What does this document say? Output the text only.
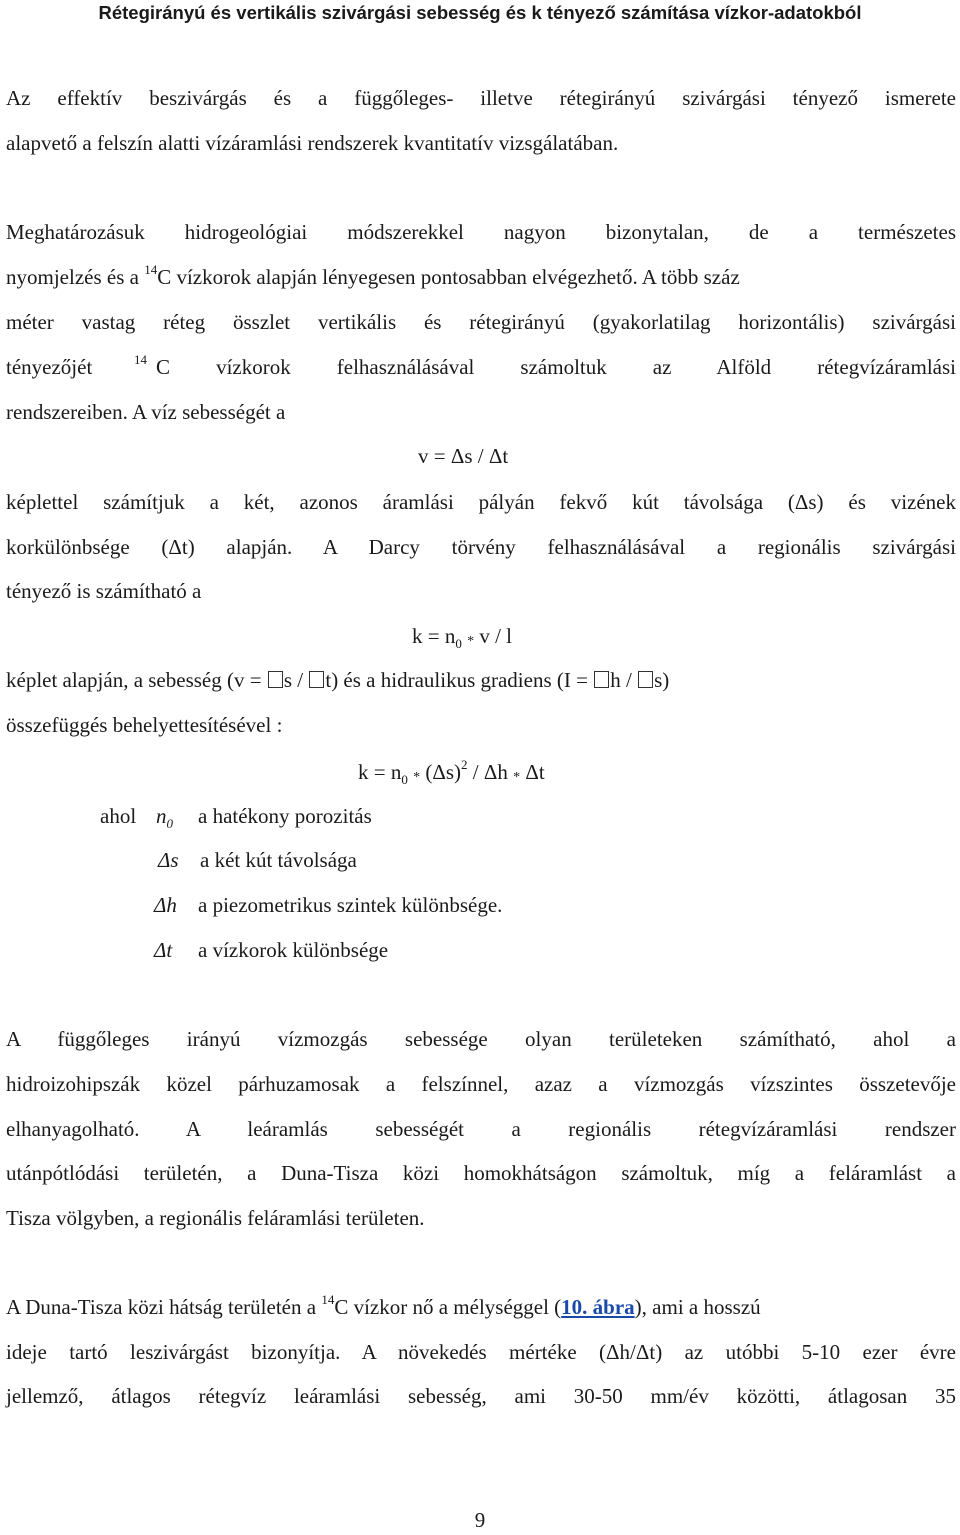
Rétegirányú és vertikális szivárgási sebesség és k tényező számítása vízkor-adatokból
Az effektív beszivárgás és a függőleges- illetve rétegirányú szivárgási tényező ismerete
alapvető a felszín alatti vízáramlási rendszerek kvantitatív vizsgálatában.
Meghatározásuk hidrogeológiai módszerekkel nagyon bizonytalan, de a természetes
nyomjelzés és a $^{14}$C vízkorok alapján lényegesen pontosabban elvégezhető. A több száz
méter vastag réteg összlet vertikális és rétegirányú (gyakorlatilag horizontális) szivárgási
tényezőjét	$^{14}$ C vízkorok felhasználásával számoltuk az Alföld rétegvízáramlási
rendszereiben. A víz sebességét a
v = Δs / Δt
képlettel számítjuk a két, azonos áramlási pályán fekvő kút távolsága (Δs) és vizének
korkülönbsége (Δt) alapján. A Darcy törvény felhasználásával a regionális szivárgási
tényező is számítható a
$k = n_0 * v / l$
képlet alapján, a sebesség (v = s / t) és a hidraulikus gradiens (I = h / s)
összefüggés behelyettesítésével :
$k = n_0 * (\Delta s)^2 / \Delta h * \Delta t$
ahol $n_0$ a hatékony porozitás
Δs a két kút távolsága
Δh a piezometrikus szintek különbsége.
Δt a vízkorok különbsége
A függőleges irányú vízmozgás sebessége olyan területeken számítható, ahol a
hidroizohipszák közel párhuzamosak a felszínnel, azaz a vízmozgás vízszintes összetevője
elhanyagolható. A leáramlás sebességét a regionális rétegvízáramlási rendszer
utánpótlódási területén, a Duna-Tisza közi homokhátságon számoltuk, míg a feláramlást a
Tisza völgyben, a regionális feláramlási területen.
A Duna-Tisza közi hátság területén a $^{14}$C vízkor nő a mélységgel (10. ábra), ami a hosszú
ideje tartó leszivárgást bizonyítja. A növekedés mértéke (Δh/Δt) az utóbbi 5-10 ezer évre
jellemző, átlagos rétegvíz leáramlási sebesség, ami 30-50 mm/év közötti, átlagosan 35
9
